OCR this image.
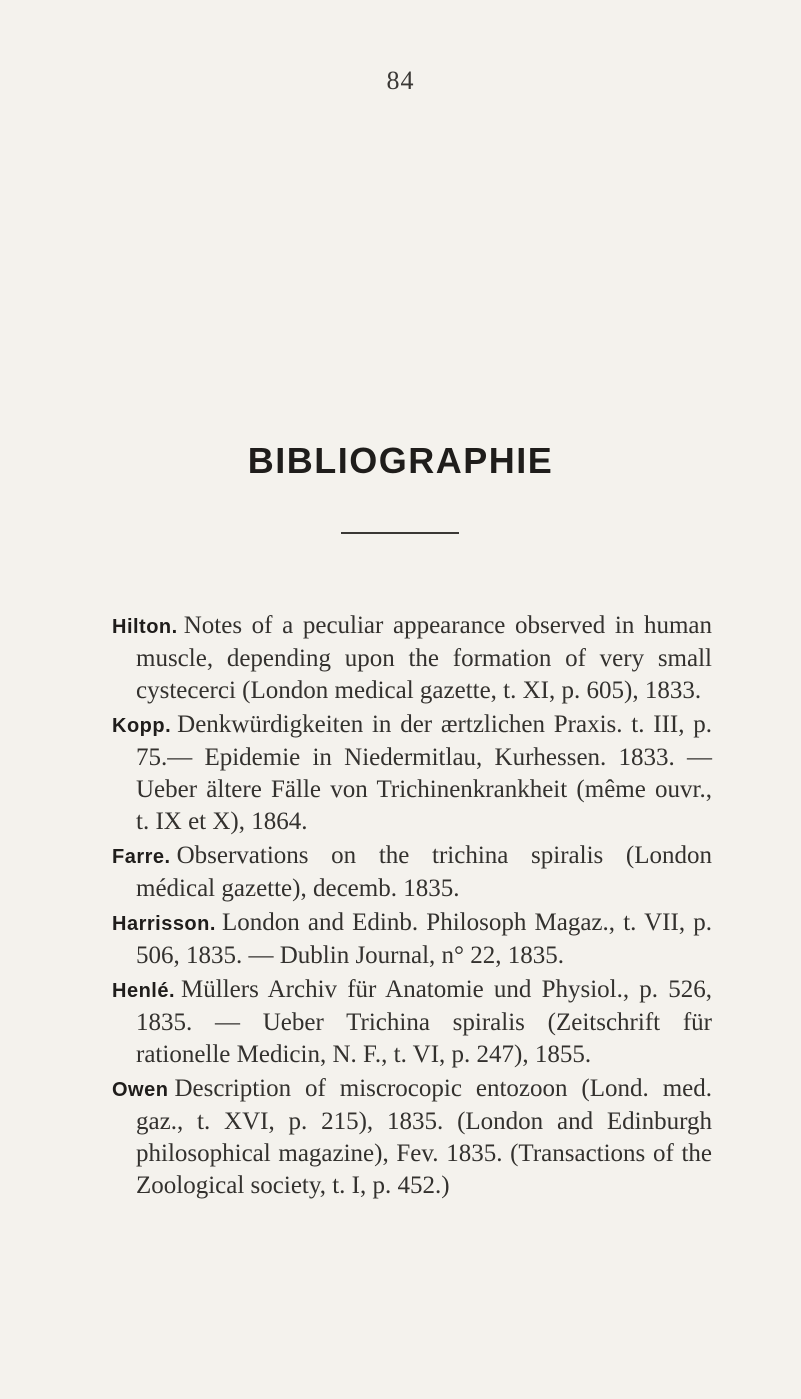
84
BIBLIOGRAPHIE

Hilton. Notes of a peculiar appearance observed in human muscle, depending upon the formation of very small cystecerci (London medical gazette, t. XI, p. 605), 1833.

Kopp. Denkwürdigkeiten in der ærtzlichen Praxis. t. III, p. 75.— Epidemie in Niedermitlau, Kurhessen. 1833. —Ueber ältere Fälle von Trichinenkrankheit (même ouvr., t. IX et X), 1864.

Farre. Observations on the trichina spiralis (London médical gazette), decemb. 1835.

Harrisson. London and Edinb. Philosoph Magaz., t. VII, p. 506, 1835. — Dublin Journal, n° 22, 1835.

Henlé. Müllers Archiv für Anatomie und Physiol., p. 526, 1835. — Ueber Trichina spiralis (Zeitschrift für rationelle Medicin, N. F., t. VI, p. 247), 1855.

Owen Description of miscrocopic entozoon (Lond. med. gaz., t. XVI, p. 215), 1835. (London and Edinburgh philosophical magazine), Fev. 1835. (Transactions of the Zoological society, t. I, p. 452.)
